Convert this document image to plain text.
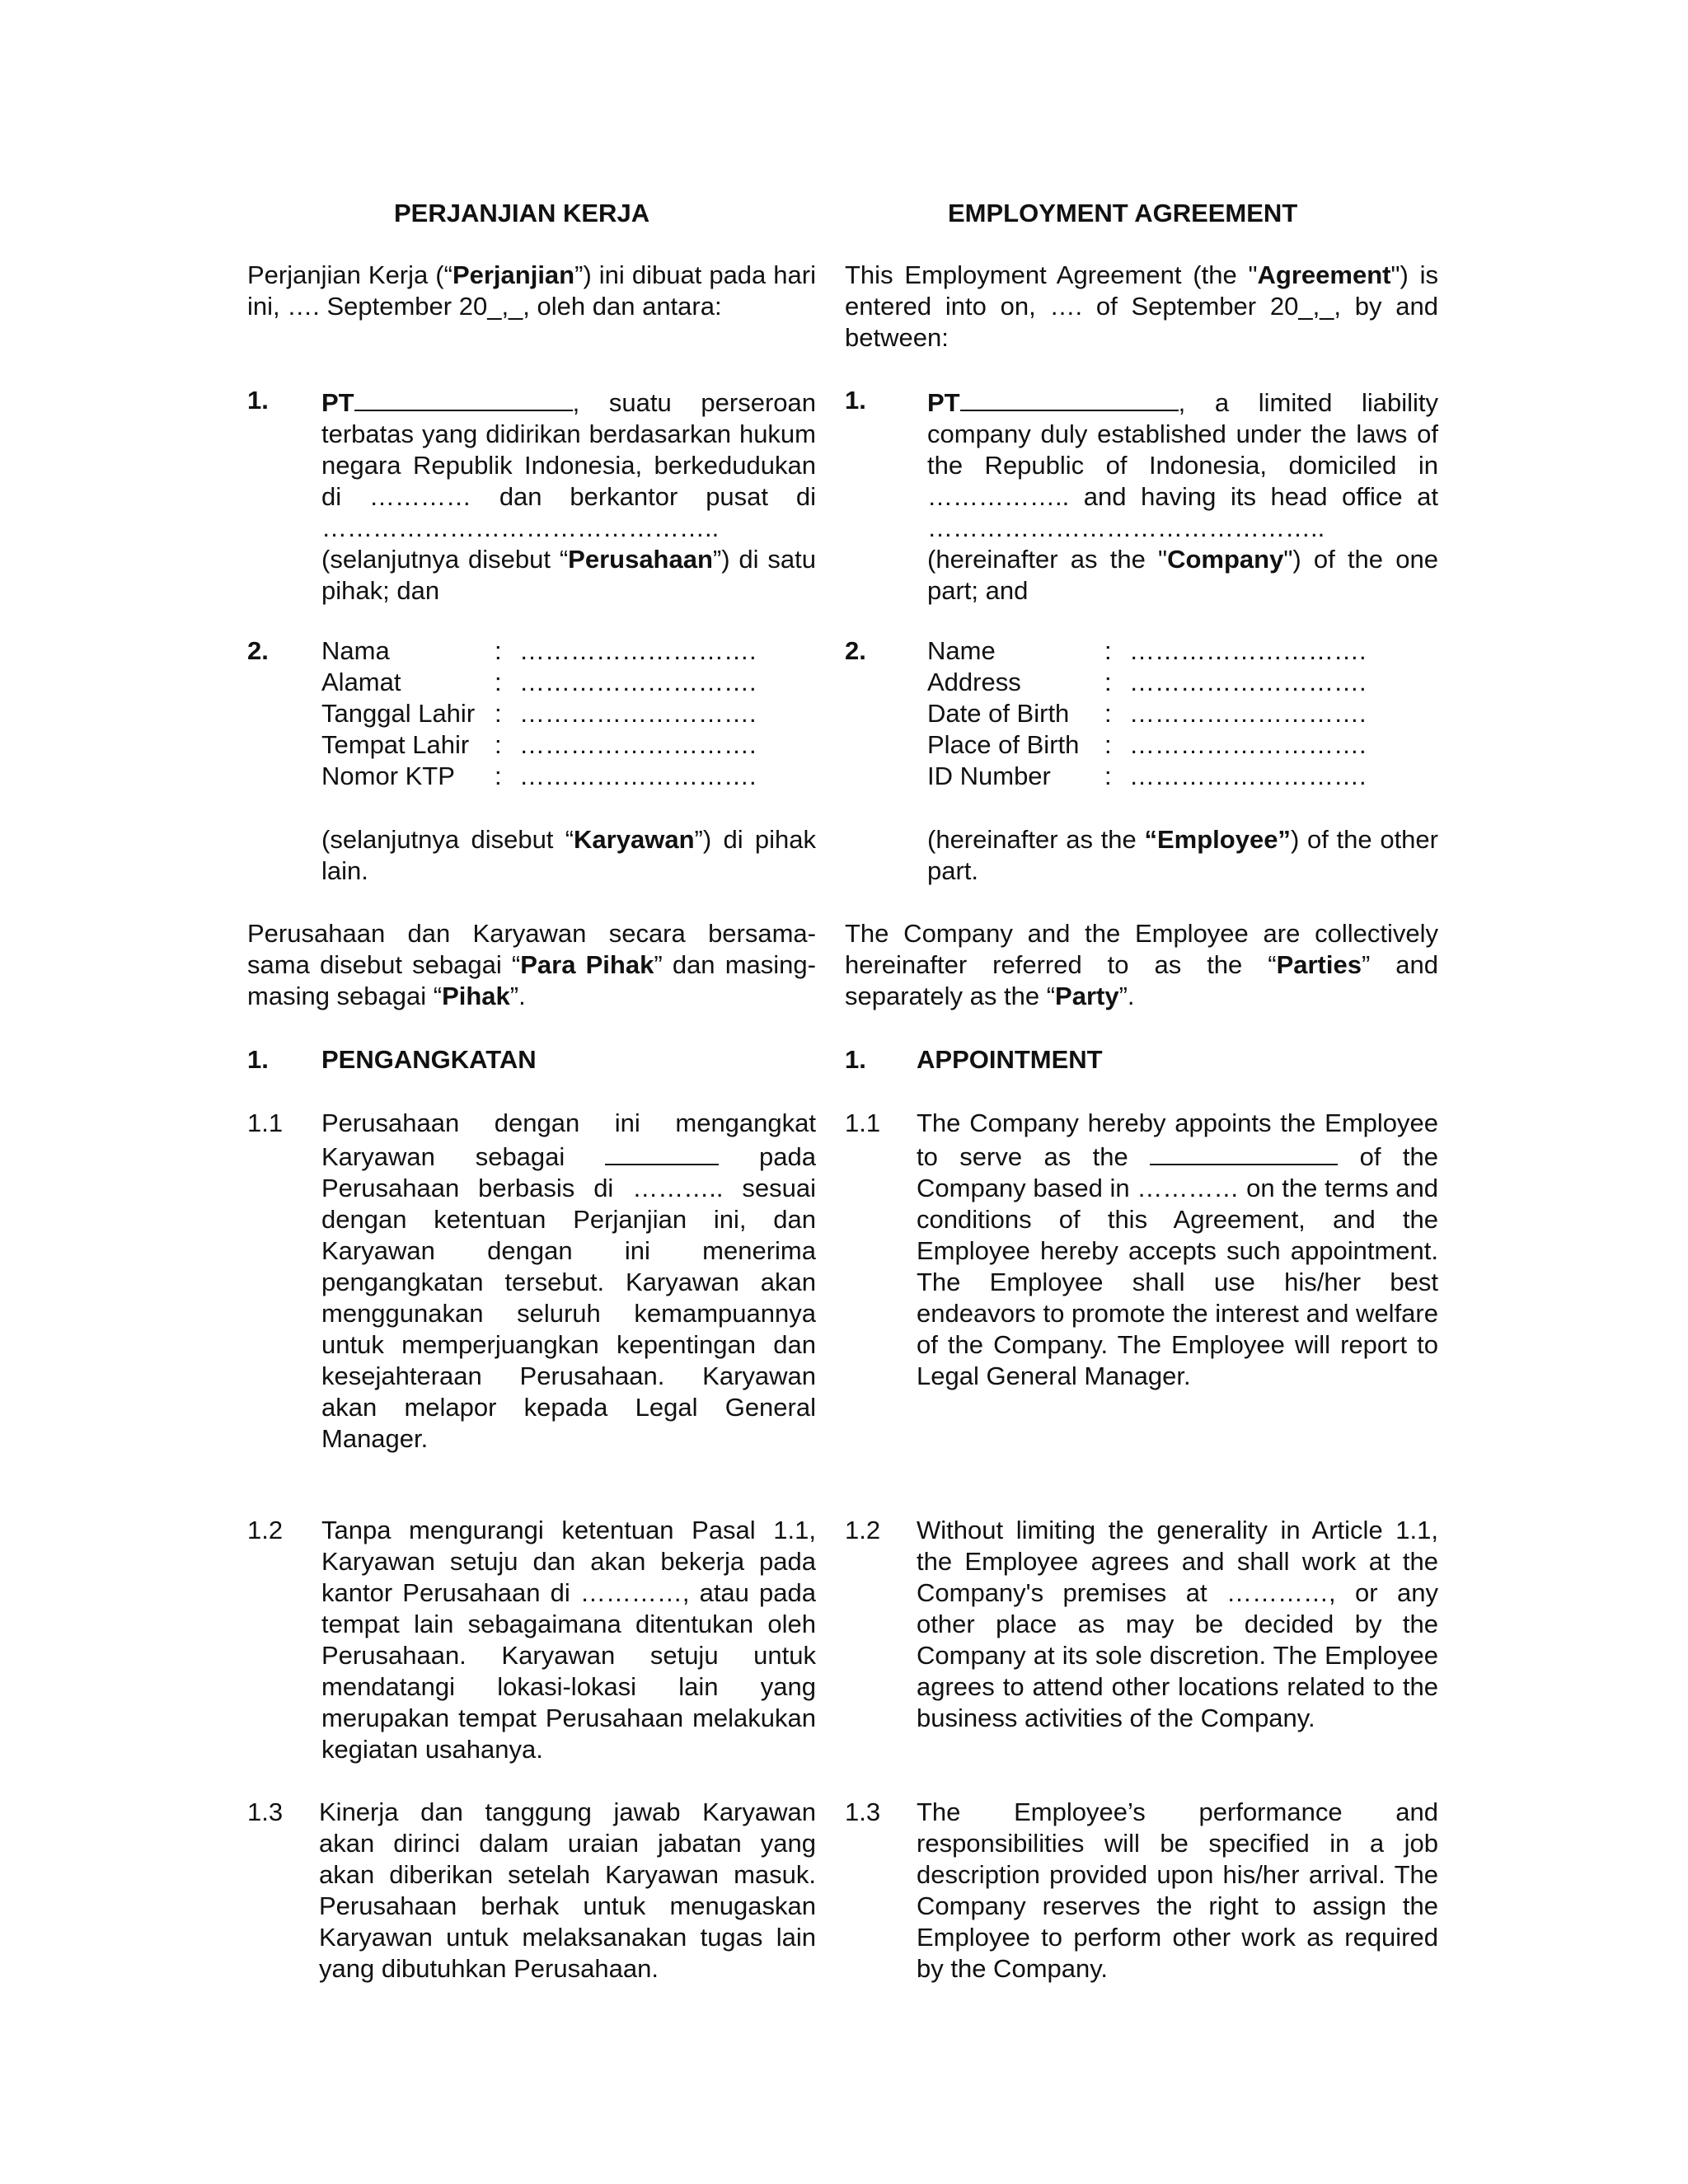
PERJANJIAN KERJA	EMPLOYMENT AGREEMENT

Perjanjian Kerja (“Perjanjian”) ini dibuat pada hari ini, …. September 20_,_, oleh dan antara:

This Employment Agreement (the "Agreement") is entered into on, …. of September 20_,_, by and between:

1. PT	, suatu perseroan terbatas yang didirikan berdasarkan hukum negara Republik Indonesia, berkedudukan di ………… dan berkantor pusat di ……………………………………….. (selanjutnya disebut “Perusahaan”) di satu pihak; dan

1. PT	, a limited liability company duly established under the laws of the Republic of Indonesia, domiciled in …………….. and having its head office at ……………………………………….. (hereinafter as the "Company") of the one part; and

2. Nama	:	……………………….
Alamat	:	……………………….
Tanggal Lahir	:	……………………….
Tempat Lahir	:	……………………….
Nomor KTP	:	……………………….

(selanjutnya disebut “Karyawan”) di pihak lain.

2. Name	:	……………………….
Address	:	……………………….
Date of Birth	:	……………………….
Place of Birth	:	……………………….
ID Number	:	……………………….

(hereinafter as the “Employee”) of the other part.

Perusahaan dan Karyawan secara bersama-sama disebut sebagai “Para Pihak” dan masing-masing sebagai “Pihak”.

The Company and the Employee are collectively hereinafter referred to as the “Parties” and separately as the “Party”.

1. PENGANGKATAN	1. APPOINTMENT
1.1 Perusahaan dengan ini mengangkat Karyawan sebagai	pada Perusahaan berbasis di ……….. sesuai dengan ketentuan Perjanjian ini, dan Karyawan dengan ini menerima pengangkatan tersebut. Karyawan akan menggunakan seluruh kemampuannya untuk memperjuangkan kepentingan dan kesejahteraan Perusahaan. Karyawan akan melapor kepada Legal General Manager.

1.1 The Company hereby appoints the Employee to serve as the	of the Company based in ………… on the terms and conditions of this Agreement, and the Employee hereby accepts such appointment. The Employee shall use his/her best endeavors to promote the interest and welfare of the Company. The Employee will report to Legal General Manager.

1.2 Tanpa mengurangi ketentuan Pasal 1.1, Karyawan setuju dan akan bekerja pada kantor Perusahaan di …………, atau pada tempat lain sebagaimana ditentukan oleh Perusahaan. Karyawan setuju untuk mendatangi lokasi-lokasi lain yang merupakan tempat Perusahaan melakukan kegiatan usahanya.

1.2 Without limiting the generality in Article 1.1, the Employee agrees and shall work at the Company's premises at …………, or any other place as may be decided by the Company at its sole discretion. The Employee agrees to attend other locations related to the business activities of the Company.

1.3 Kinerja dan tanggung jawab Karyawan akan dirinci dalam uraian jabatan yang akan diberikan setelah Karyawan masuk. Perusahaan berhak untuk menugaskan Karyawan untuk melaksanakan tugas lain yang dibutuhkan Perusahaan.

1.3 The Employee’s performance and responsibilities will be specified in a job description provided upon his/her arrival. The Company reserves the right to assign the Employee to perform other work as required by the Company.
